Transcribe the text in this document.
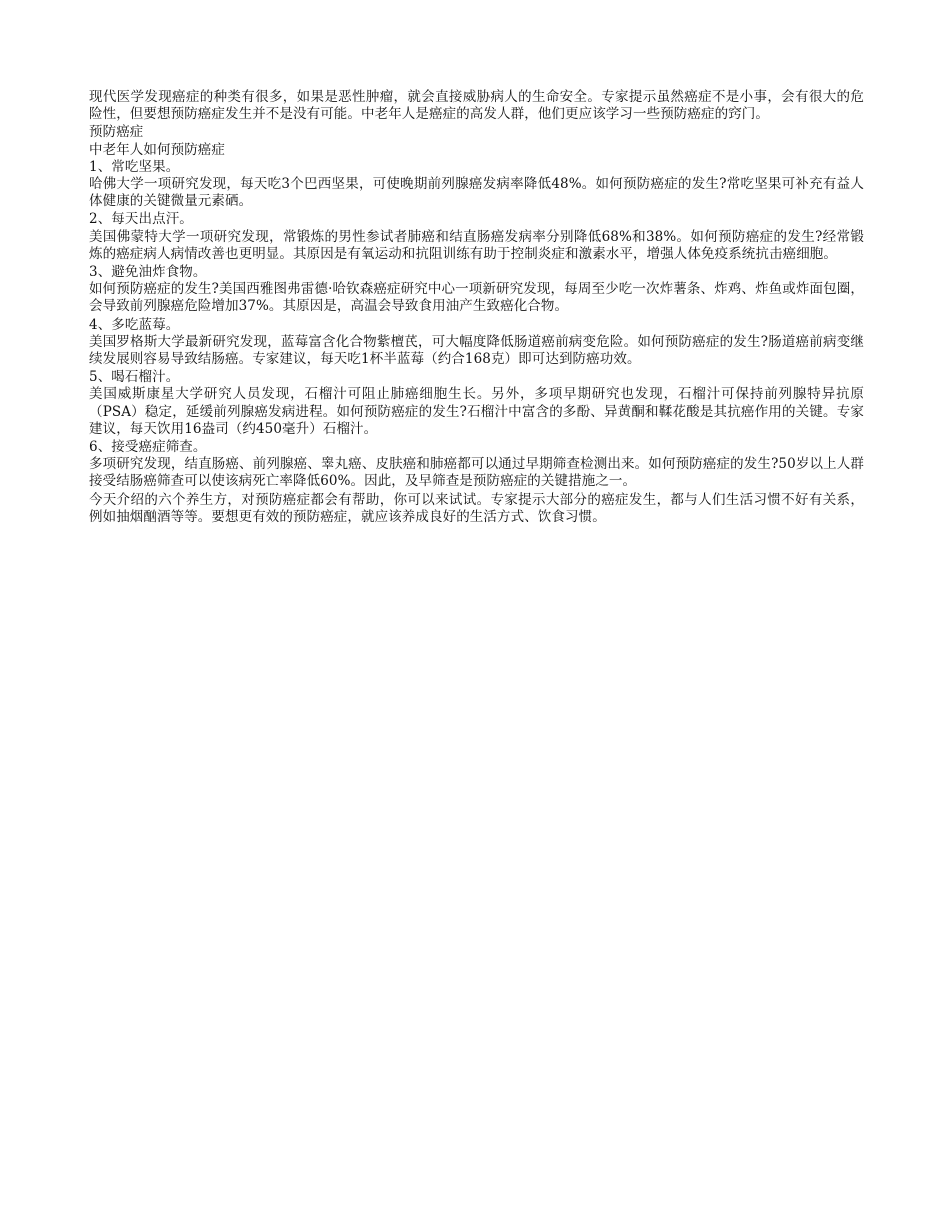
现代医学发现癌症的种类有很多，如果是恶性肿瘤，就会直接威胁病人的生命安全。专家提示虽然癌症不是小事，会有很大的危险性，但要想预防癌症发生并不是没有可能。中老年人是癌症的高发人群，他们更应该学习一些预防癌症的窍门。

预防癌症

中老年人如何预防癌症

1、常吃坚果。

哈佛大学一项研究发现，每天吃3个巴西坚果，可使晚期前列腺癌发病率降低48%。如何预防癌症的发生?常吃坚果可补充有益人体健康的关键微量元素硒。

2、每天出点汗。

美国佛蒙特大学一项研究发现，常锻炼的男性参试者肺癌和结直肠癌发病率分别降低68%和38%。如何预防癌症的发生?经常锻炼的癌症病人病情改善也更明显。其原因是有氧运动和抗阻训练有助于控制炎症和激素水平，增强人体免疫系统抗击癌细胞。

3、避免油炸食物。

如何预防癌症的发生?美国西雅图弗雷德·哈钦森癌症研究中心一项新研究发现，每周至少吃一次炸薯条、炸鸡、炸鱼或炸面包圈，会导致前列腺癌危险增加37%。其原因是，高温会导致食用油产生致癌化合物。

4、多吃蓝莓。

美国罗格斯大学最新研究发现，蓝莓富含化合物紫檀芪，可大幅度降低肠道癌前病变危险。如何预防癌症的发生?肠道癌前病变继续发展则容易导致结肠癌。专家建议，每天吃1杯半蓝莓（约合168克）即可达到防癌功效。

5、喝石榴汁。

美国威斯康星大学研究人员发现，石榴汁可阻止肺癌细胞生长。另外，多项早期研究也发现，石榴汁可保持前列腺特异抗原（PSA）稳定，延缓前列腺癌发病进程。如何预防癌症的发生?石榴汁中富含的多酚、异黄酮和鞣花酸是其抗癌作用的关键。专家建议，每天饮用16盎司（约450毫升）石榴汁。

6、接受癌症筛查。

多项研究发现，结直肠癌、前列腺癌、睾丸癌、皮肤癌和肺癌都可以通过早期筛查检测出来。如何预防癌症的发生?50岁以上人群接受结肠癌筛查可以使该病死亡率降低60%。因此，及早筛查是预防癌症的关键措施之一。

今天介绍的六个养生方，对预防癌症都会有帮助，你可以来试试。专家提示大部分的癌症发生，都与人们生活习惯不好有关系，例如抽烟酗酒等等。要想更有效的预防癌症，就应该养成良好的生活方式、饮食习惯。
